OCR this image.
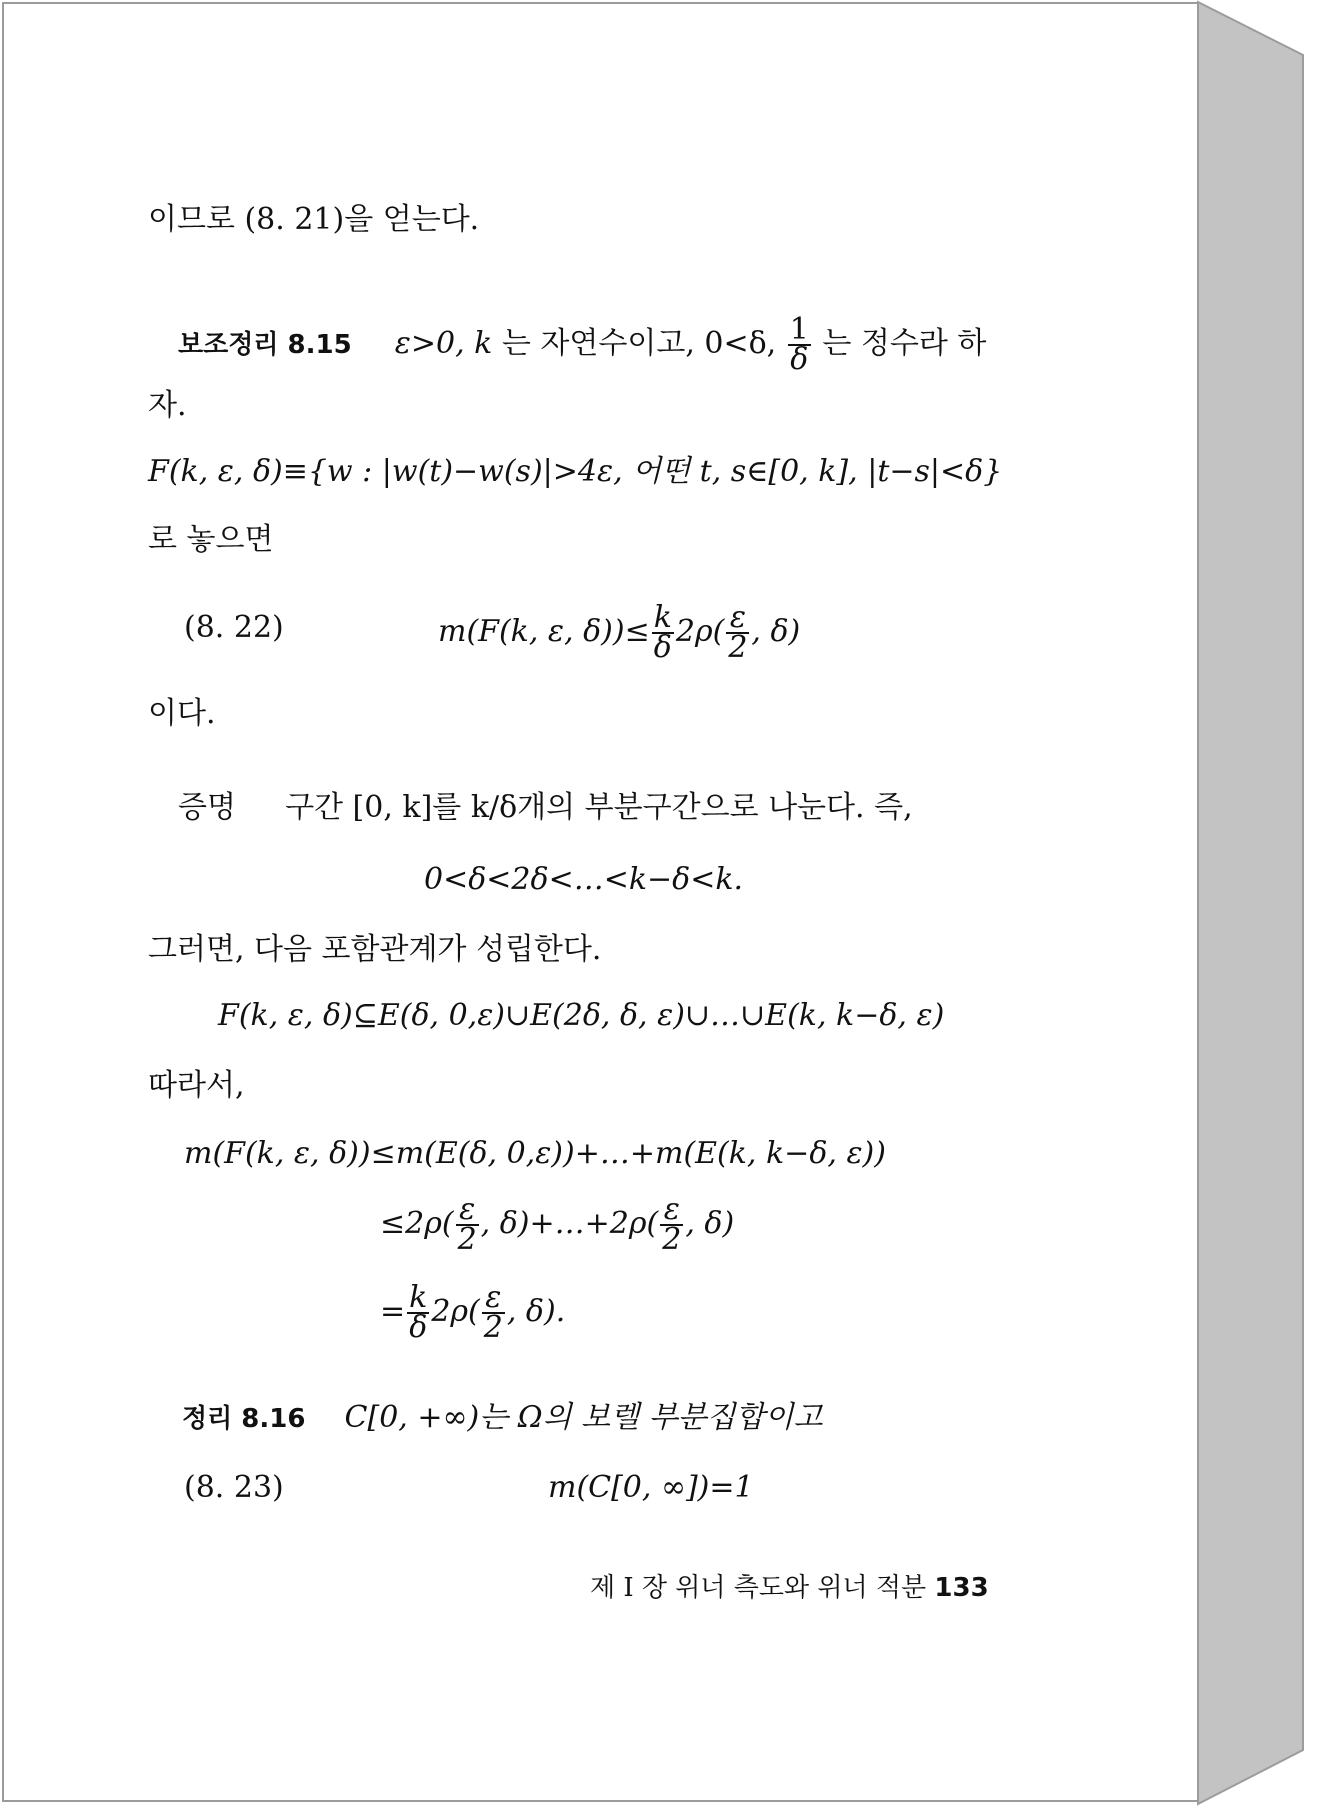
이므로 (8. 21)을 얻는다.
보조정리 8.15 ε>0, k 는 자연수이고, 0<δ, $\frac{1}{\delta}$ 는 정수라 하
자.
F(k, ε, δ)≡{w : |w(t)−w(s)|>4ε, 어떤 t, s∈[0, k], |t−s|<δ}
로 놓으면
(8. 22)	m(F(k, ε, $\delta))\le \frac{k}{\delta} 2\rho( \frac{\varepsilon}{2}$ , δ)
이다.
증명 구간 [0, k]를 k/δ개의 부분구간으로 나눈다. 즉,
0<δ<2δ<…<k−δ<k.
그러면, 다음 포함관계가 성립한다.
F(k, ε, δ)⊆E(δ, 0,ε)∪E(2δ, δ, ε)∪…∪E(k, k−δ, ε)
따라서,
m(F(k, ε, δ))≤m(E(δ, 0,ε))+…+m(E(k, k−δ, ε))
$\le 2\rho( \frac{\varepsilon}{2}$ , δ)+…+2ρ( $\frac{\varepsilon}{2}$ , δ)
= $\frac{k}{\delta} 2\rho( \frac{\varepsilon}{2}$ , δ).
정리 8.16 C[0, +∞)는 Ω의 보렐 부분집합이고
(8. 23)	m(C[0, ∞])=1
제 I 장 위너 측도와 위너 적분 133
